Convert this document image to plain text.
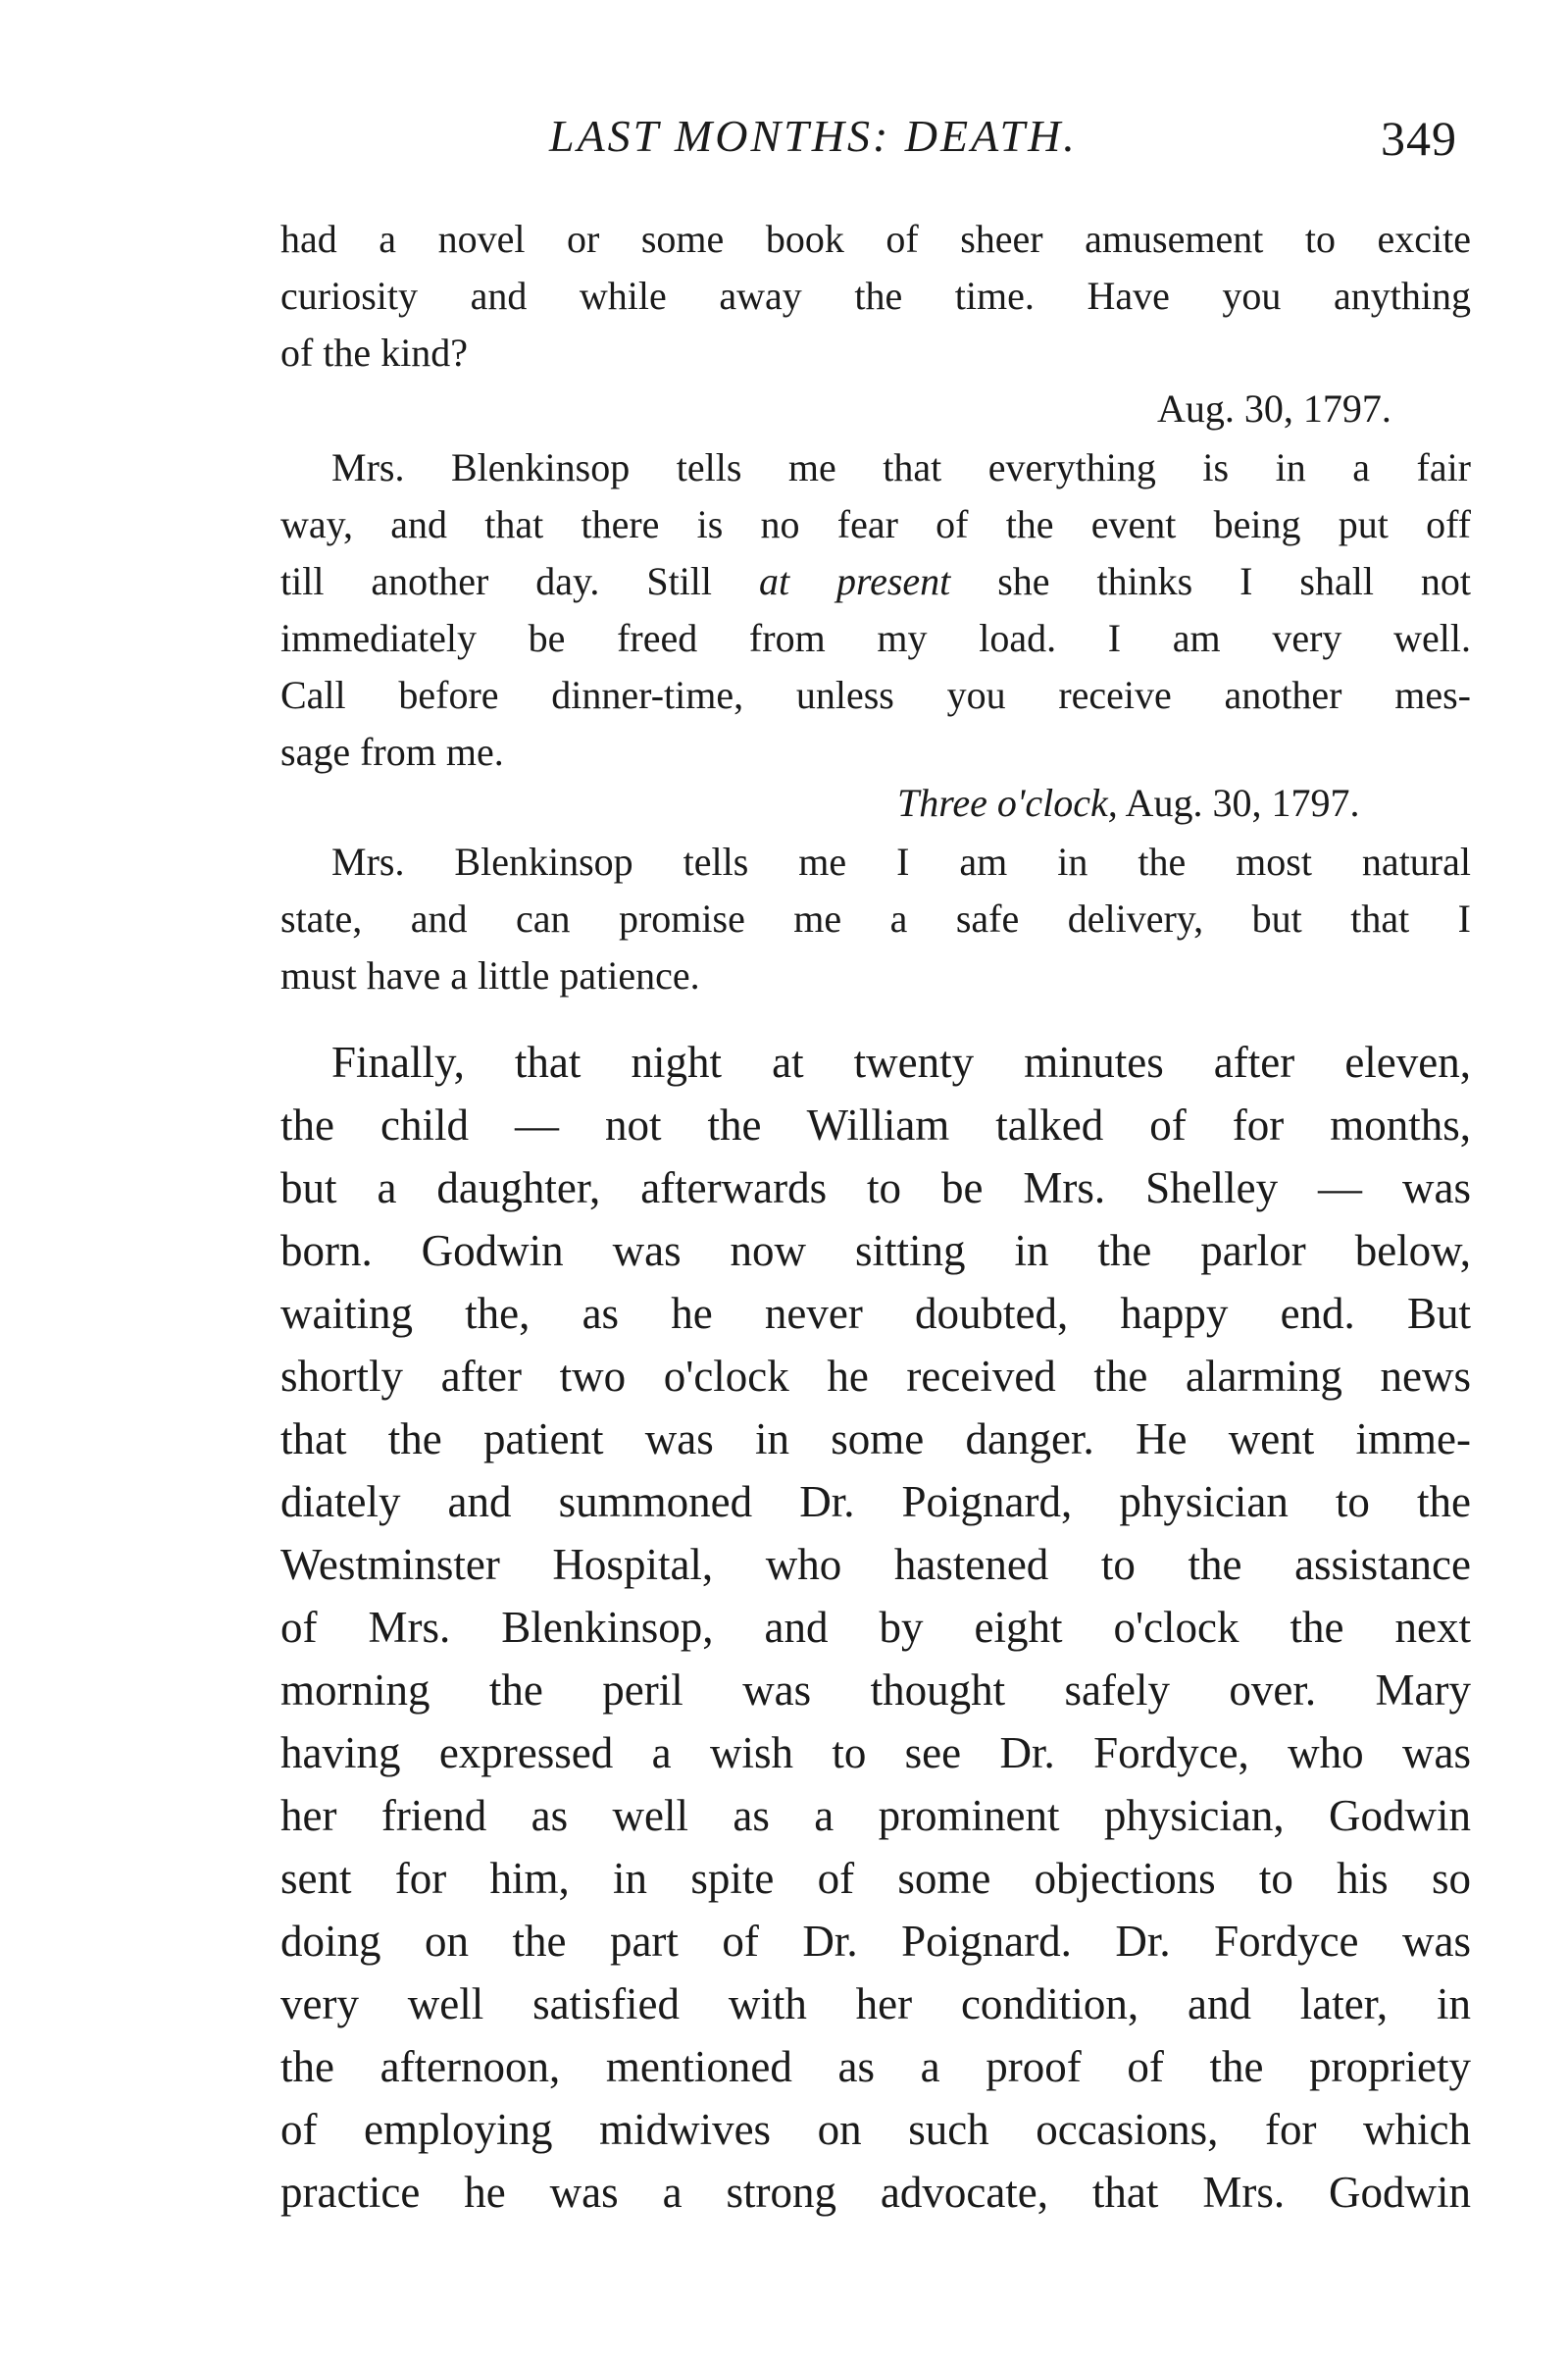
LAST MONTHS: DEATH.	349
had a novel or some book of sheer amusement to excite
curiosity and while away the time. Have you anything
of the kind?
Aug. 30, 1797.
Mrs. Blenkinsop tells me that everything is in a fair
way, and that there is no fear of the event being put off
till another day. Still at present she thinks I shall not
immediately be freed from my load. I am very well.
Call before dinner-time, unless you receive another mes-
sage from me.
Three o'clock, Aug. 30, 1797.
Mrs. Blenkinsop tells me I am in the most natural
state, and can promise me a safe delivery, but that I
must have a little patience.
Finally, that night at twenty minutes after eleven,
the child — not the William talked of for months,
but a daughter, afterwards to be Mrs. Shelley — was
born. Godwin was now sitting in the parlor below,
waiting the, as he never doubted, happy end. But
shortly after two o'clock he received the alarming news
that the patient was in some danger. He went imme-
diately and summoned Dr. Poignard, physician to the
Westminster Hospital, who hastened to the assistance
of Mrs. Blenkinsop, and by eight o'clock the next
morning the peril was thought safely over. Mary
having expressed a wish to see Dr. Fordyce, who was
her friend as well as a prominent physician, Godwin
sent for him, in spite of some objections to his so
doing on the part of Dr. Poignard. Dr. Fordyce was
very well satisfied with her condition, and later, in
the afternoon, mentioned as a proof of the propriety
of employing midwives on such occasions, for which
practice he was a strong advocate, that Mrs. Godwin
